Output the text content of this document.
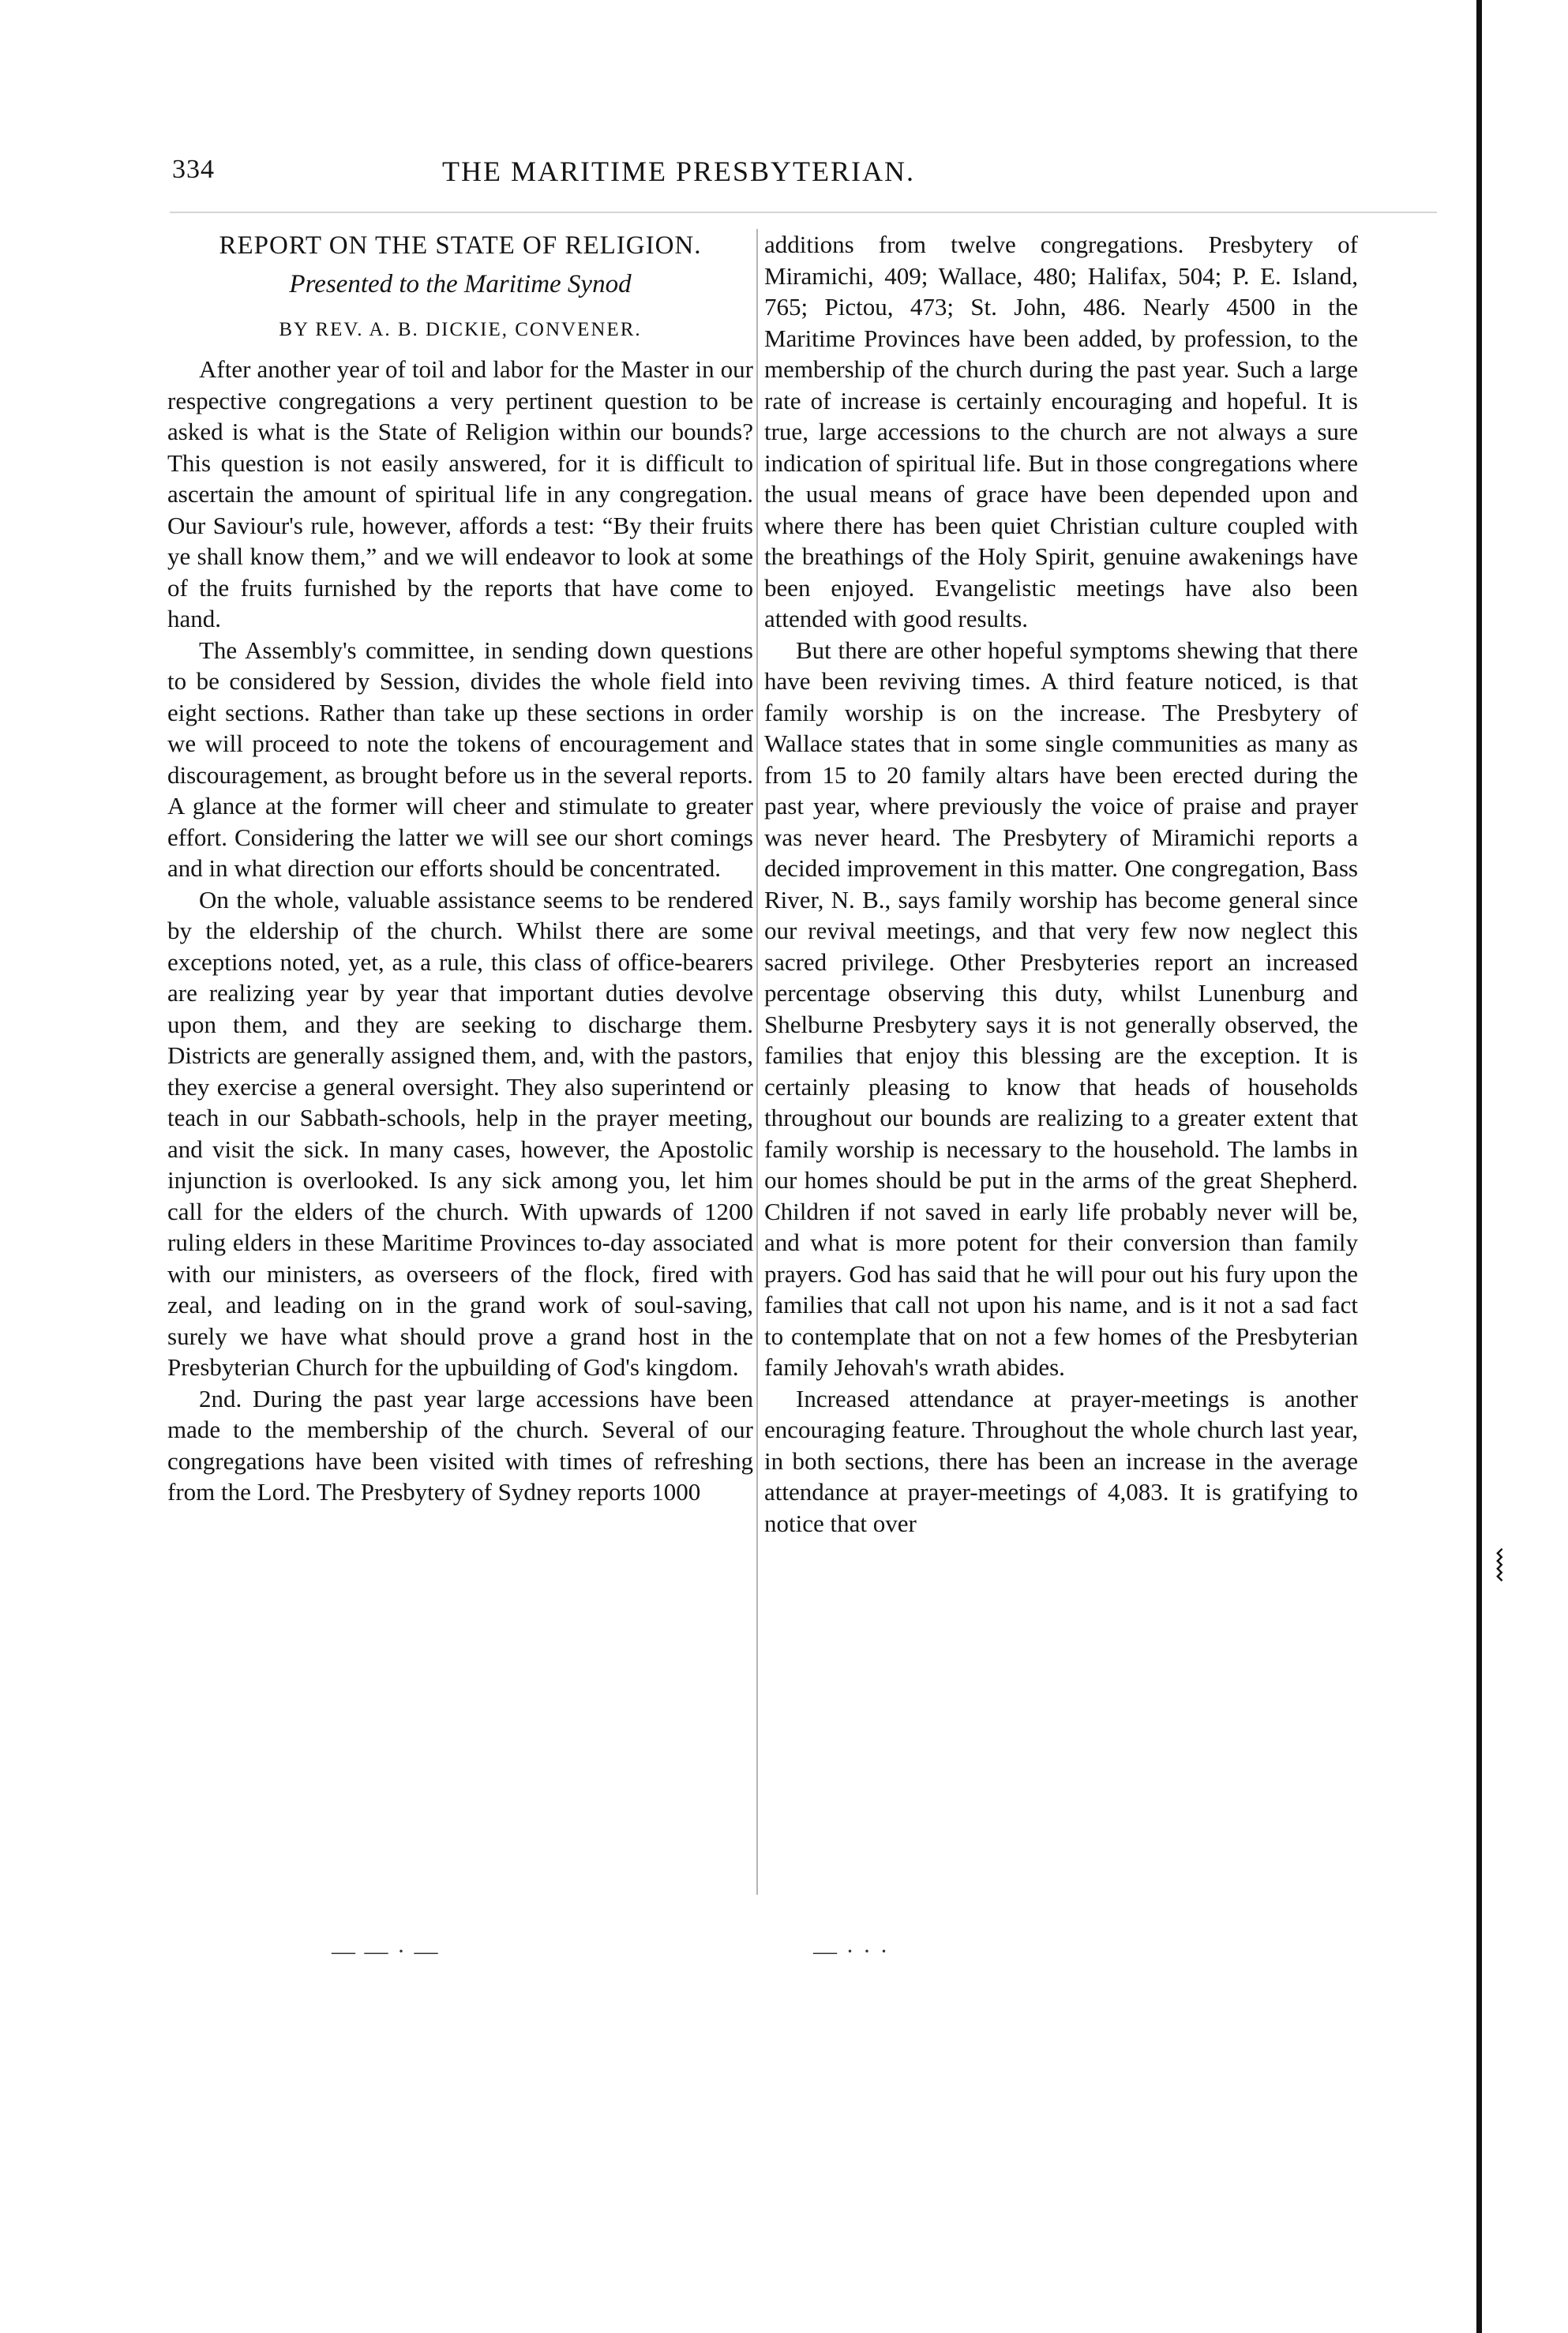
334	THE MARITIME PRESBYTERIAN.
REPORT ON THE STATE OF RELIGION.
Presented to the Maritime Synod
BY REV. A. B. DICKIE, CONVENER.

After another year of toil and labor for the Master in our respective congregations a very pertinent question to be asked is what is the State of Religion within our bounds? This question is not easily answered, for it is difficult to ascertain the amount of spiritual life in any congregation. Our Saviour's rule, however, affords a test: “By their fruits ye shall know them,” and we will endeavor to look at some of the fruits furnished by the reports that have come to hand.

The Assembly's committee, in sending down questions to be considered by Session, divides the whole field into eight sections. Rather than take up these sections in order we will proceed to note the tokens of encouragement and discouragement, as brought before us in the several reports. A glance at the former will cheer and stimulate to greater effort. Considering the latter we will see our short comings and in what direction our efforts should be concentrated.

On the whole, valuable assistance seems to be rendered by the eldership of the church. Whilst there are some exceptions noted, yet, as a rule, this class of office-bearers are realizing year by year that important duties devolve upon them, and they are seeking to discharge them. Districts are generally assigned them, and, with the pastors, they exercise a general oversight. They also superintend or teach in our Sabbath-schools, help in the prayer meeting, and visit the sick. In many cases, however, the Apostolic injunction is overlooked. Is any sick among you, let him call for the elders of the church. With upwards of 1200 ruling elders in these Maritime Provinces to-day associated with our ministers, as overseers of the flock, fired with zeal, and leading on in the grand work of soul-saving, surely we have what should prove a grand host in the Presbyterian Church for the upbuilding of God's kingdom.

2nd. During the past year large accessions have been made to the membership of the church. Several of our congregations have been visited with times of refreshing from the Lord. The Presbytery of Sydney reports 1000

additions from twelve congregations. Presbytery of Miramichi, 409; Wallace, 480; Halifax, 504; P. E. Island, 765; Pictou, 473; St. John, 486. Nearly 4500 in the Maritime Provinces have been added, by profession, to the membership of the church during the past year. Such a large rate of increase is certainly encouraging and hopeful. It is true, large accessions to the church are not always a sure indication of spiritual life. But in those congregations where the usual means of grace have been depended upon and where there has been quiet Christian culture coupled with the breathings of the Holy Spirit, genuine awakenings have been enjoyed. Evangelistic meetings have also been attended with good results.

But there are other hopeful symptoms shewing that there have been reviving times. A third feature noticed, is that family worship is on the increase. The Presbytery of Wallace states that in some single communities as many as from 15 to 20 family altars have been erected during the past year, where previously the voice of praise and prayer was never heard. The Presbytery of Miramichi reports a decided improvement in this matter. One congregation, Bass River, N. B., says family worship has become general since our revival meetings, and that very few now neglect this sacred privilege. Other Presbyteries report an increased percentage observing this duty, whilst Lunenburg and Shelburne Presbytery says it is not generally observed, the families that enjoy this blessing are the exception. It is certainly pleasing to know that heads of households throughout our bounds are realizing to a greater extent that family worship is necessary to the household. The lambs in our homes should be put in the arms of the great Shepherd. Children if not saved in early life probably never will be, and what is more potent for their conversion than family prayers. God has said that he will pour out his fury upon the families that call not upon his name, and is it not a sad fact to contemplate that on not a few homes of the Presbyterian family Jehovah's wrath abides.

Increased attendance at prayer-meetings is another encouraging feature. Throughout the whole church last year, in both sections, there has been an increase in the average attendance at prayer-meetings of 4,083. It is gratifying to notice that over

⧙
— — · —	— · · ·
